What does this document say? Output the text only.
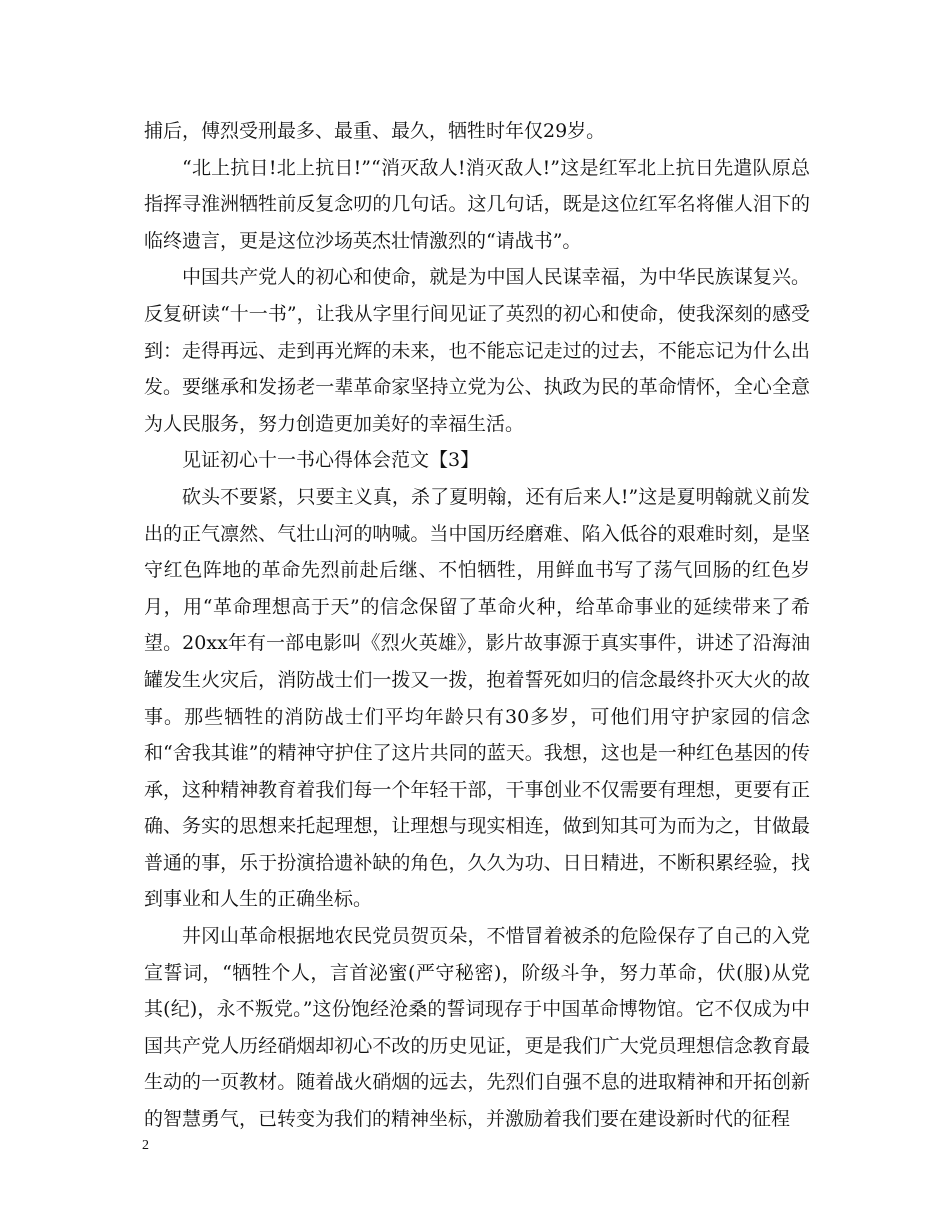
捕后，傅烈受刑最多、最重、最久，牺牲时年仅29岁。

“北上抗日!北上抗日!”“消灭敌人!消灭敌人!”这是红军北上抗日先遣队原总指挥寻淮洲牺牲前反复念叨的几句话。这几句话，既是这位红军名将催人泪下的临终遗言，更是这位沙场英杰壮情激烈的“请战书”。

中国共产党人的初心和使命，就是为中国人民谋幸福，为中华民族谋复兴。反复研读“十一书”，让我从字里行间见证了英烈的初心和使命，使我深刻的感受到：走得再远、走到再光辉的未来，也不能忘记走过的过去，不能忘记为什么出发。要继承和发扬老一辈革命家坚持立党为公、执政为民的革命情怀，全心全意为人民服务，努力创造更加美好的幸福生活。

见证初心十一书心得体会范文【3】

砍头不要紧，只要主义真，杀了夏明翰，还有后来人!”这是夏明翰就义前发出的正气凛然、气壮山河的呐喊。当中国历经磨难、陷入低谷的艰难时刻，是坚守红色阵地的革命先烈前赴后继、不怕牺牲，用鲜血书写了荡气回肠的红色岁月，用“革命理想高于天”的信念保留了革命火种，给革命事业的延续带来了希望。20xx年有一部电影叫《烈火英雄》，影片故事源于真实事件，讲述了沿海油罐发生火灾后，消防战士们一拨又一拨，抱着誓死如归的信念最终扑灭大火的故事。那些牺牲的消防战士们平均年龄只有30多岁，可他们用守护家园的信念和“舍我其谁”的精神守护住了这片共同的蓝天。我想，这也是一种红色基因的传承，这种精神教育着我们每一个年轻干部，干事创业不仅需要有理想，更要有正确、务实的思想来托起理想，让理想与现实相连，做到知其可为而为之，甘做最普通的事，乐于扮演拾遗补缺的角色，久久为功、日日精进，不断积累经验，找到事业和人生的正确坐标。

井冈山革命根据地农民党员贺页朵，不惜冒着被杀的危险保存了自己的入党宣誓词，“牺牲个人，言首泌蜜(严守秘密)，阶级斗争，努力革命，伏(服)从党其(纪)，永不叛党。”这份饱经沧桑的誓词现存于中国革命博物馆。它不仅成为中国共产党人历经硝烟却初心不改的历史见证，更是我们广大党员理想信念教育最生动的一页教材。随着战火硝烟的远去，先烈们自强不息的进取精神和开拓创新的智慧勇气，已转变为我们的精神坐标，并激励着我们要在建设新时代的征程

2
